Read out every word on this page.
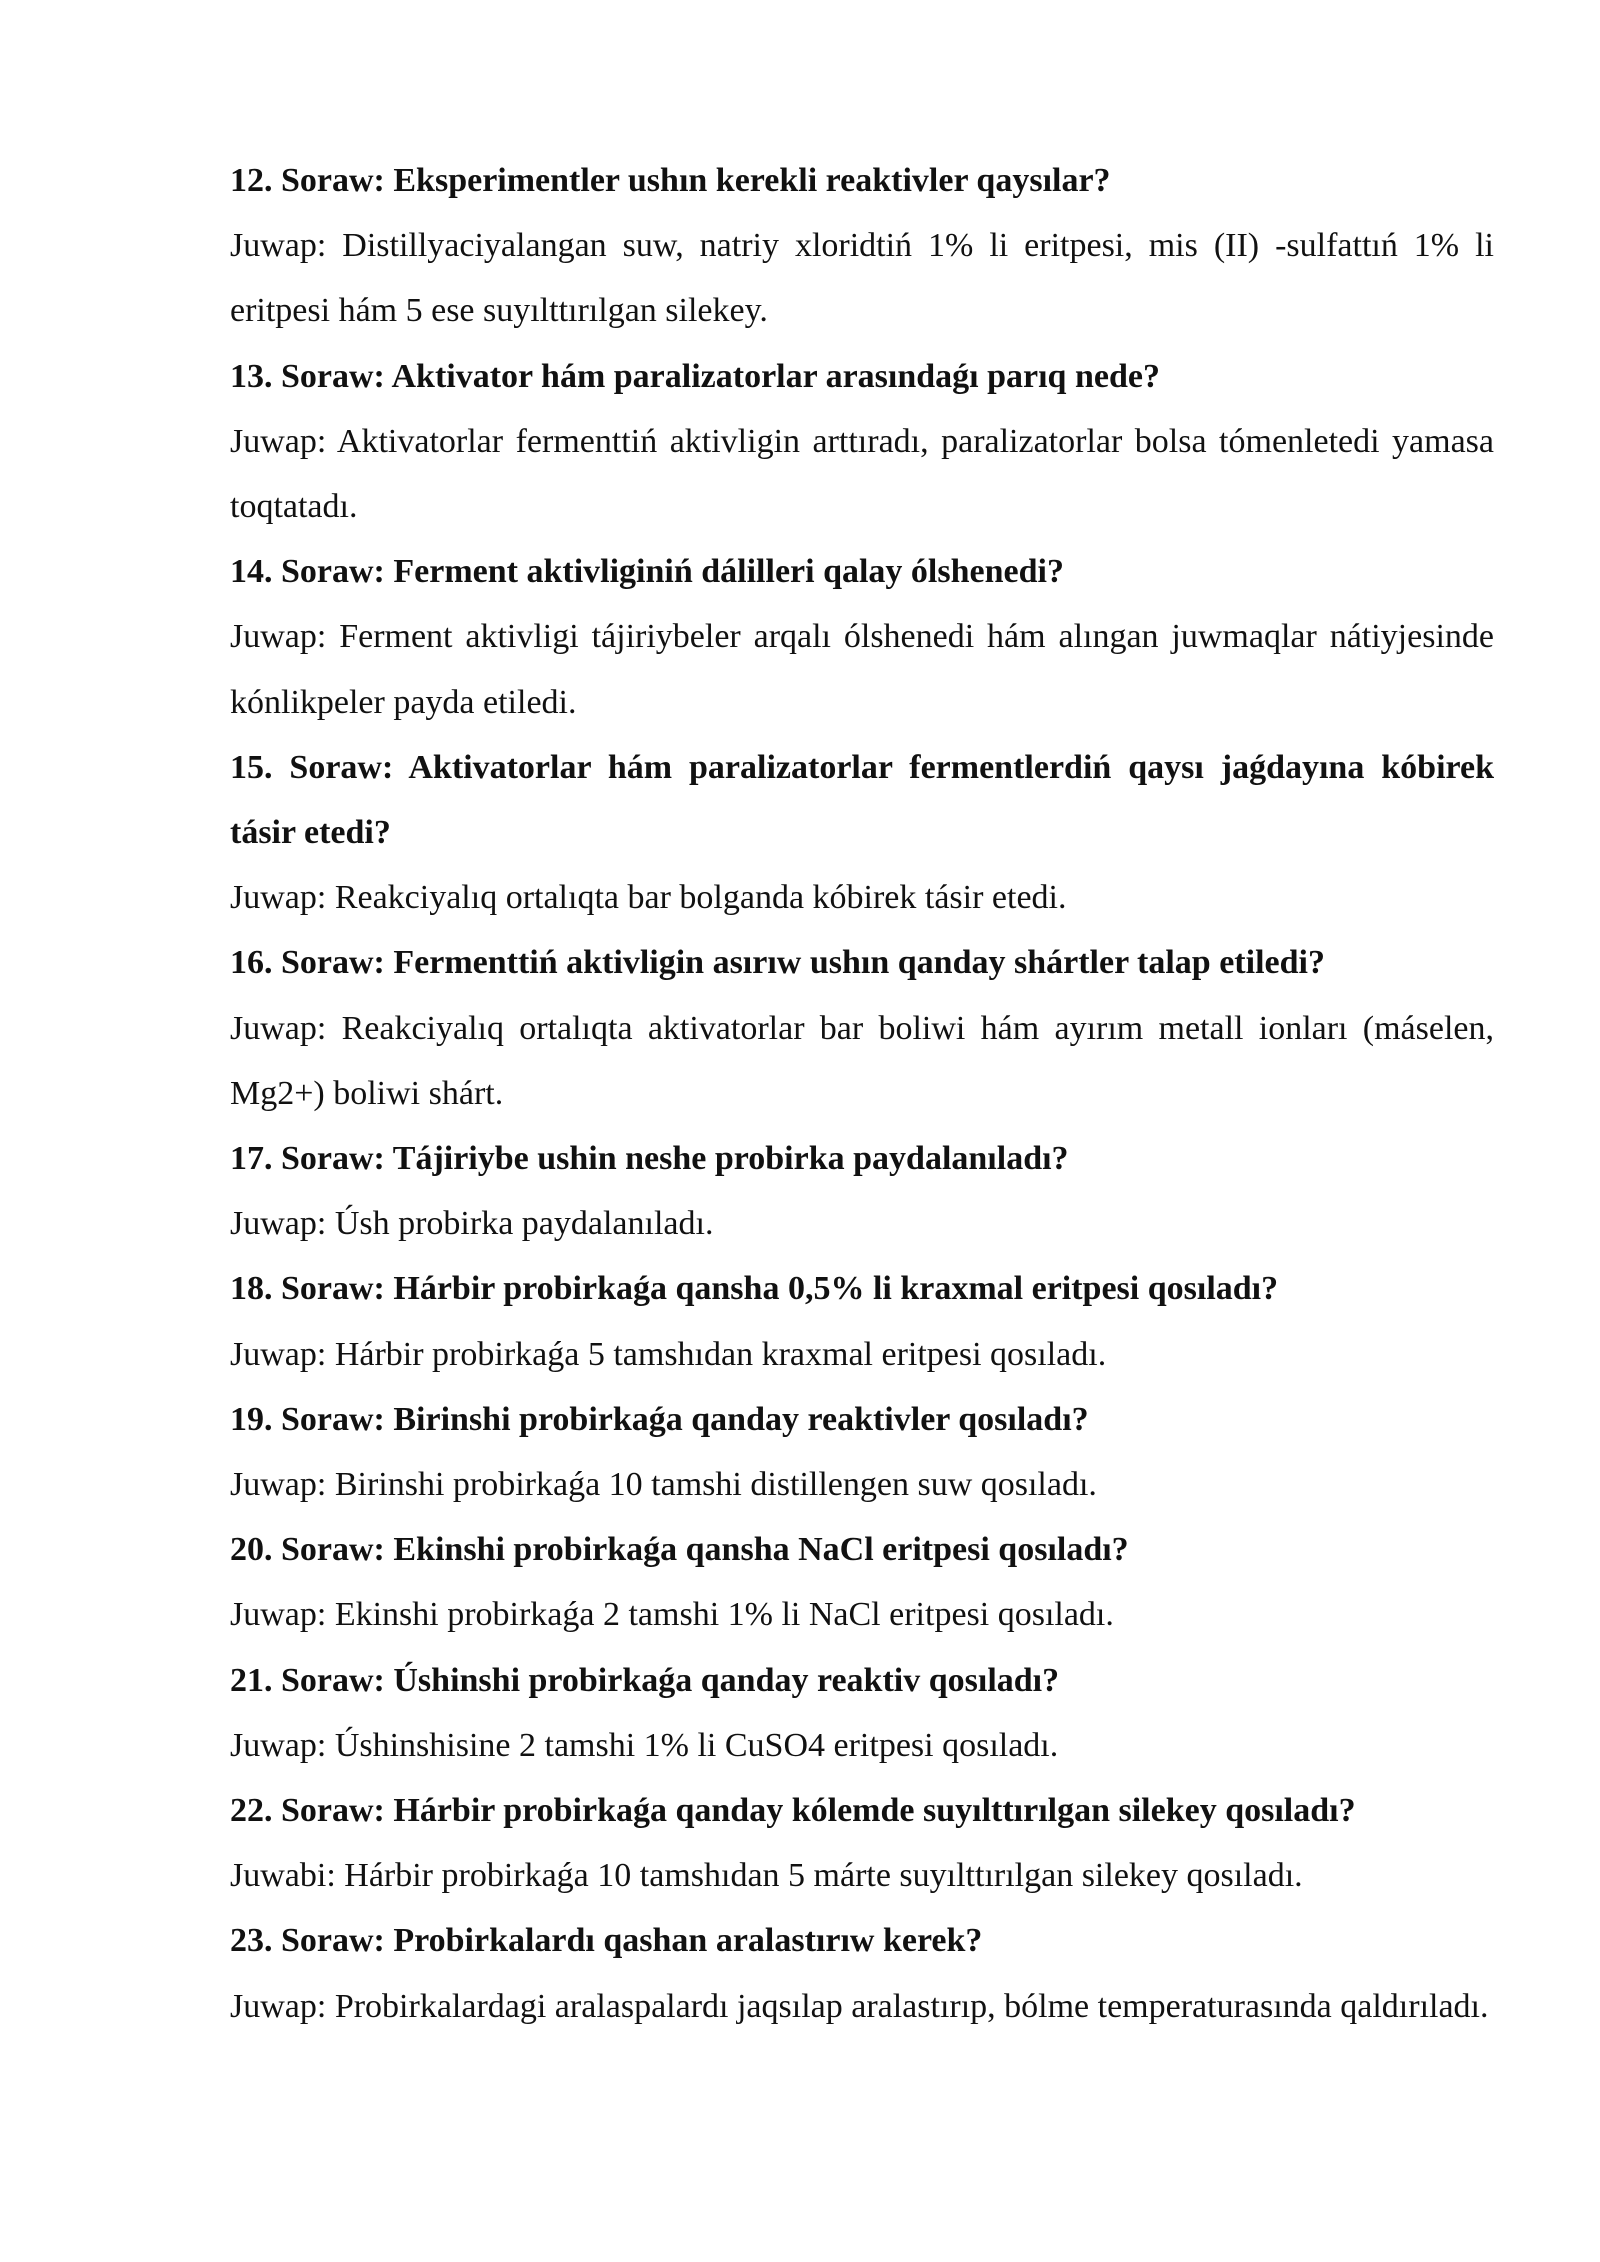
12. Soraw: Eksperimentler ushın kerekli reaktivler qaysılar?

Juwap: Distillyaciyalangan suw, natriy xloridtiń 1% li eritpesi, mis (II) -sulfattıń 1% li eritpesi hám 5 ese suyılttırılgan silekey.

13. Soraw: Aktivator hám paralizatorlar arasındaǵı parıq nede?

Juwap: Aktivatorlar fermenttiń aktivligin arttıradı, paralizatorlar bolsa tómenletedi yamasa toqtatadı.

14. Soraw: Ferment aktivliginiń dálilleri qalay ólshenedi?

Juwap: Ferment aktivligi tájiriybeler arqalı ólshenedi hám alıngan juwmaqlar nátiyjesinde kónlikpeler payda etiledi.

15. Soraw: Aktivatorlar hám paralizatorlar fermentlerdiń qaysı jaǵdayına kóbirek tásir etedi?

Juwap: Reakciyalıq ortalıqta bar bolganda kóbirek tásir etedi.

16. Soraw: Fermenttiń aktivligin asırıw ushın qanday shártler talap etiledi?

Juwap: Reakciyalıq ortalıqta aktivatorlar bar boliwi hám ayırım metall ionları (máselen, Mg2+) boliwi shárt.

17. Soraw: Tájiriybe ushin neshe probirka paydalanıladı?

Juwap: Úsh probirka paydalanıladı.

18. Soraw: Hárbir probirkaǵa qansha 0,5% li kraxmal eritpesi qosıladı?

Juwap: Hárbir probirkaǵa 5 tamshıdan kraxmal eritpesi qosıladı.

19. Soraw: Birinshi probirkaǵa qanday reaktivler qosıladı?

Juwap: Birinshi probirkaǵa 10 tamshi distillengen suw qosıladı.

20. Soraw: Ekinshi probirkaǵa qansha NaCl eritpesi qosıladı?

Juwap: Ekinshi probirkaǵa 2 tamshi 1% li NaCl eritpesi qosıladı.

21. Soraw: Úshinshi probirkaǵa qanday reaktiv qosıladı?

Juwap: Úshinshisine 2 tamshi 1% li CuSO4 eritpesi qosıladı.

22. Soraw: Hárbir probirkaǵa qanday kólemde suyılttırılgan silekey qosıladı?

Juwabi: Hárbir probirkaǵa 10 tamshıdan 5 márte suyılttırılgan silekey qosıladı.

23. Soraw: Probirkalardı qashan aralastırıw kerek?

Juwap: Probirkalardagi aralaspalardı jaqsılap aralastırıp, bólme temperaturasında qaldırıladı.
